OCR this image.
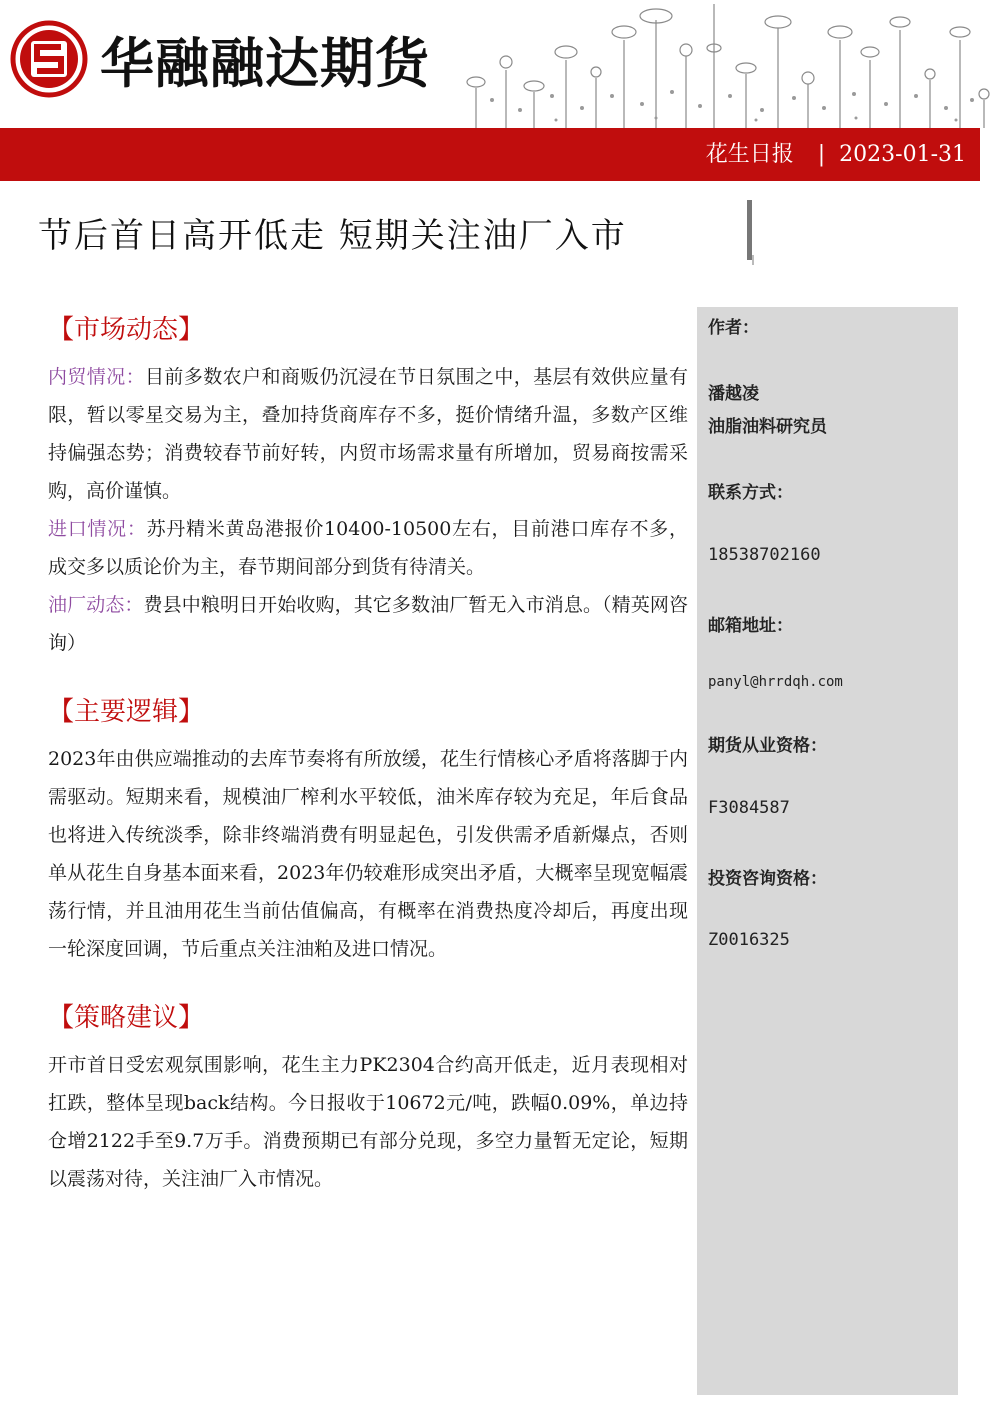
华融融达期货
花生日报 | 2023-01-31
节后首日高开低走 短期关注油厂入市
【市场动态】

内贸情况：目前多数农户和商贩仍沉浸在节日氛围之中，基层有效供应量有限，暂以零星交易为主，叠加持货商库存不多，挺价情绪升温，多数产区维持偏强态势；消费较春节前好转，内贸市场需求量有所增加，贸易商按需采购，高价谨慎。

进口情况：苏丹精米黄岛港报价10400-10500左右，目前港口库存不多，成交多以质论价为主，春节期间部分到货有待清关。

油厂动态：费县中粮明日开始收购，其它多数油厂暂无入市消息。（精英网咨询）

【主要逻辑】

2023年由供应端推动的去库节奏将有所放缓，花生行情核心矛盾将落脚于内需驱动。短期来看，规模油厂榨利水平较低，油米库存较为充足，年后食品也将进入传统淡季，除非终端消费有明显起色，引发供需矛盾新爆点，否则单从花生自身基本面来看，2023年仍较难形成突出矛盾，大概率呈现宽幅震荡行情，并且油用花生当前估值偏高，有概率在消费热度冷却后，再度出现一轮深度回调，节后重点关注油粕及进口情况。

【策略建议】

开市首日受宏观氛围影响，花生主力PK2304合约高开低走，近月表现相对扛跌，整体呈现back结构。今日报收于10672元/吨，跌幅0.09%，单边持仓增2122手至9.7万手。消费预期已有部分兑现，多空力量暂无定论，短期以震荡对待，关注油厂入市情况。

作者：
潘越凌
油脂油料研究员
联系方式：
18538702160
邮箱地址：
panyl@hrrdqh.com
期货从业资格：
F3084587
投资咨询资格：
Z0016325
